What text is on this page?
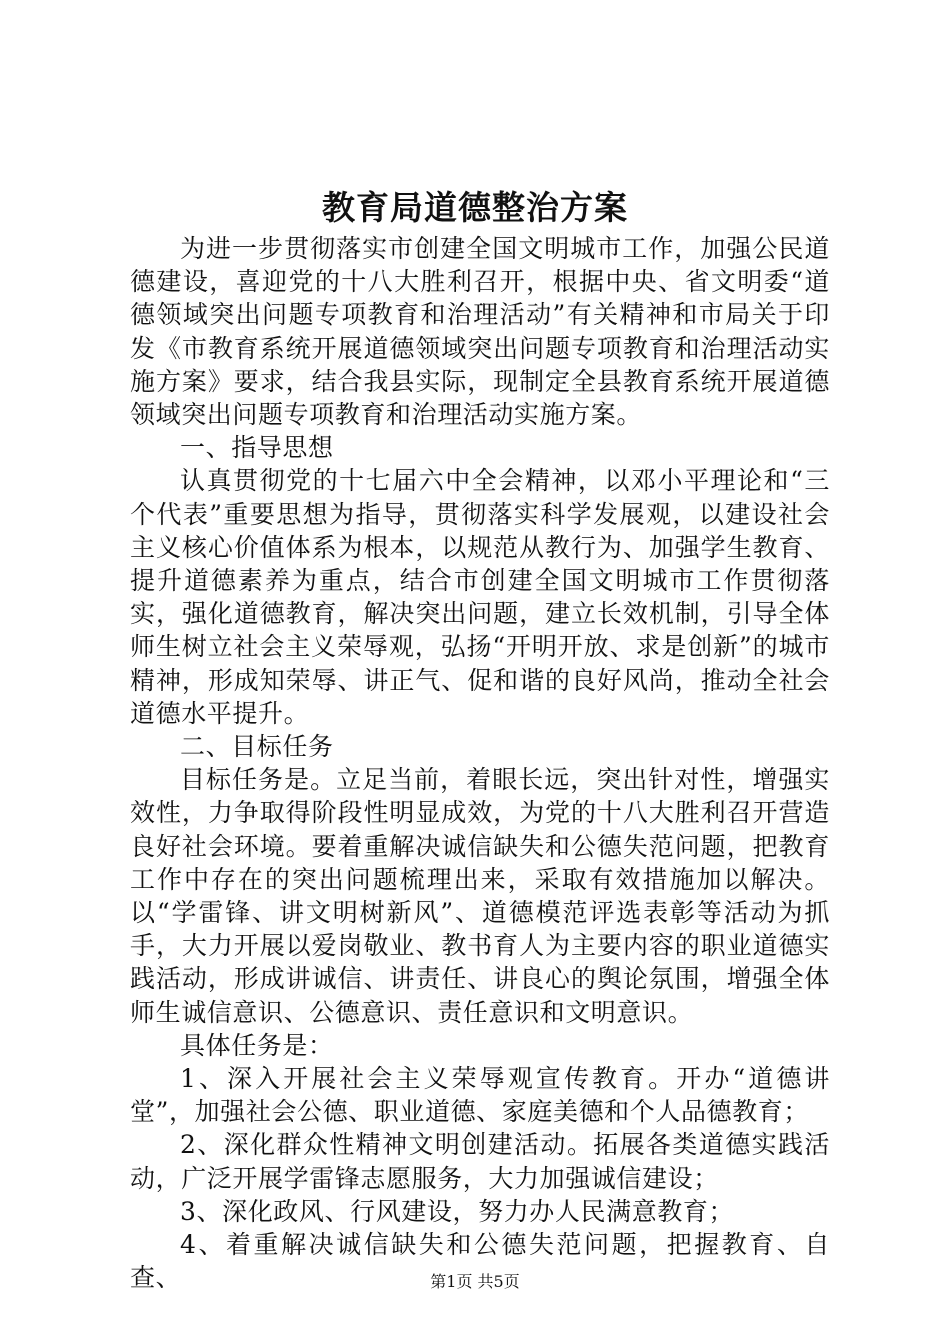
教育局道德整治方案

为进一步贯彻落实市创建全国文明城市工作，加强公民道德建设，喜迎党的十八大胜利召开，根据中央、省文明委“道德领域突出问题专项教育和治理活动”有关精神和市局关于印发《市教育系统开展道德领域突出问题专项教育和治理活动实施方案》要求，结合我县实际，现制定全县教育系统开展道德领域突出问题专项教育和治理活动实施方案。

一、指导思想

认真贯彻党的十七届六中全会精神，以邓小平理论和“三个代表”重要思想为指导，贯彻落实科学发展观，以建设社会主义核心价值体系为根本，以规范从教行为、加强学生教育、提升道德素养为重点，结合市创建全国文明城市工作贯彻落实，强化道德教育，解决突出问题，建立长效机制，引导全体师生树立社会主义荣辱观，弘扬“开明开放、求是创新”的城市精神，形成知荣辱、讲正气、促和谐的良好风尚，推动全社会道德水平提升。

二、目标任务

目标任务是。立足当前，着眼长远，突出针对性，增强实效性，力争取得阶段性明显成效，为党的十八大胜利召开营造良好社会环境。要着重解决诚信缺失和公德失范问题，把教育工作中存在的突出问题梳理出来，采取有效措施加以解决。以“学雷锋、讲文明树新风”、道德模范评选表彰等活动为抓手，大力开展以爱岗敬业、教书育人为主要内容的职业道德实践活动，形成讲诚信、讲责任、讲良心的舆论氛围，增强全体师生诚信意识、公德意识、责任意识和文明意识。

具体任务是：

1、深入开展社会主义荣辱观宣传教育。开办“道德讲堂”，加强社会公德、职业道德、家庭美德和个人品德教育；

2、深化群众性精神文明创建活动。拓展各类道德实践活动，广泛开展学雷锋志愿服务，大力加强诚信建设；

3、深化政风、行风建设，努力办人民满意教育；

4、着重解决诚信缺失和公德失范问题，把握教育、自查、	第1页 共5页
